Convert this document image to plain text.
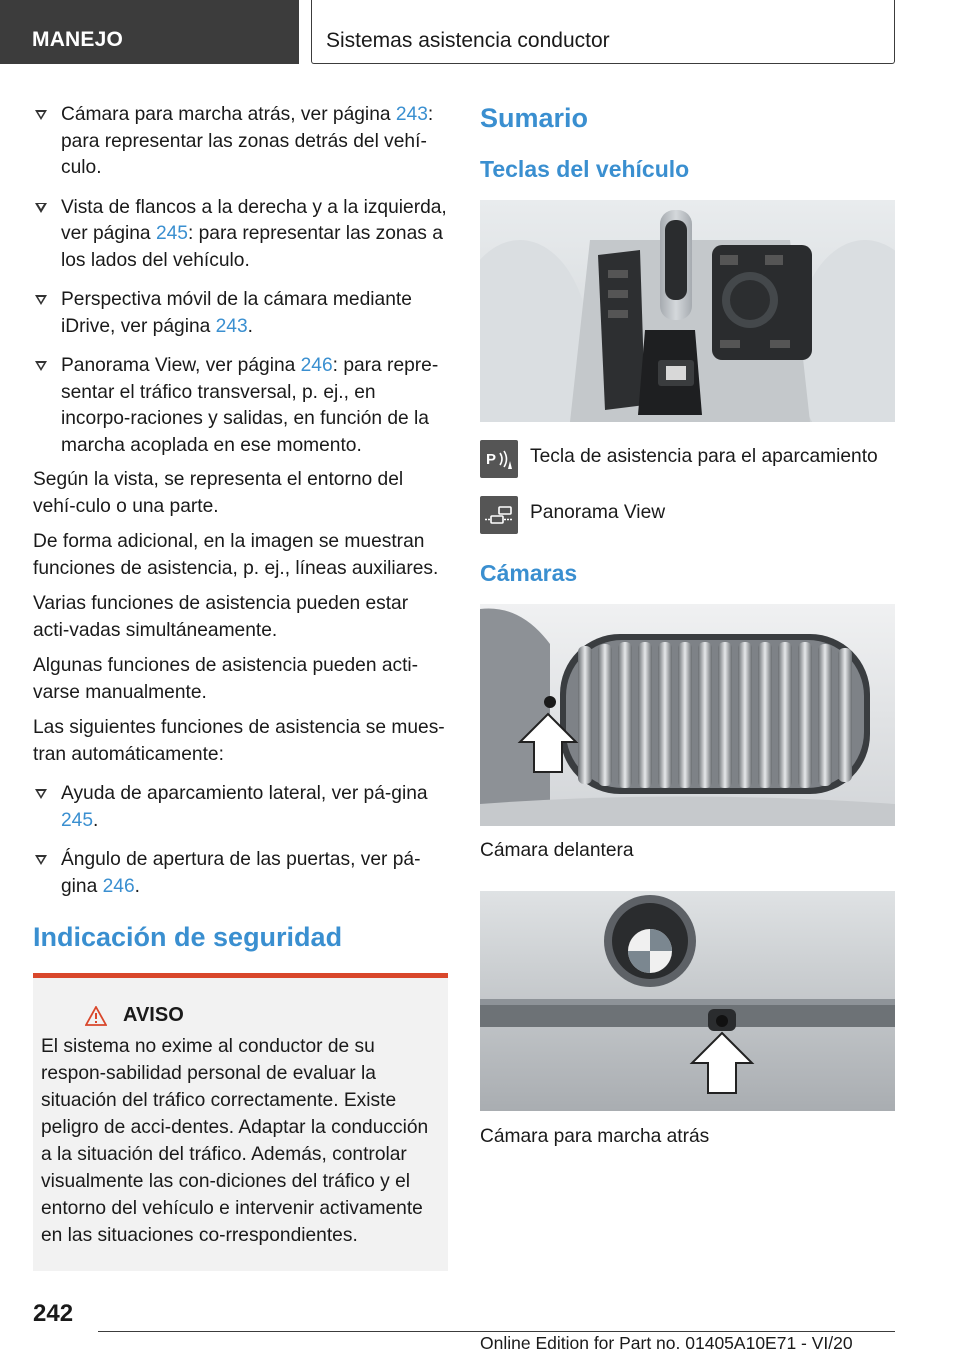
MANEJO	Sistemas asistencia conductor
Cámara para marcha atrás, ver página 243: para representar las zonas detrás del vehí‐culo.
Vista de flancos a la derecha y a la izquierda, ver página 245: para representar las zonas a los lados del vehículo.
Perspectiva móvil de la cámara mediante iDrive, ver página 243.
Panorama View, ver página 246: para repre‐sentar el tráfico transversal, p. ej., en incorpo‐raciones y salidas, en función de la marcha acoplada en ese momento.

Según la vista, se representa el entorno del vehí‐culo o una parte.

De forma adicional, en la imagen se muestran funciones de asistencia, p. ej., líneas auxiliares.

Varias funciones de asistencia pueden estar acti‐vadas simultáneamente.

Algunas funciones de asistencia pueden acti‐varse manualmente.

Las siguientes funciones de asistencia se mues‐tran automáticamente:

Ayuda de aparcamiento lateral, ver pá‐gina 245.
Ángulo de apertura de las puertas, ver pá‐gina 246.
Indicación de seguridad
AVISO

El sistema no exime al conductor de su respon‐sabilidad personal de evaluar la situación del tráfico correctamente. Existe peligro de acci‐dentes. Adaptar la conducción a la situación del tráfico. Además, controlar visualmente las con‐diciones del tráfico y el entorno del vehículo e intervenir activamente en las situaciones co‐rrespondientes.

Sumario
Teclas del vehículo
P Tecla de asistencia para el aparcamiento
Panorama View
Cámaras
Cámara delantera
Cámara para marcha atrás
242
Online Edition for Part no. 01405A10E71 - VI/20
